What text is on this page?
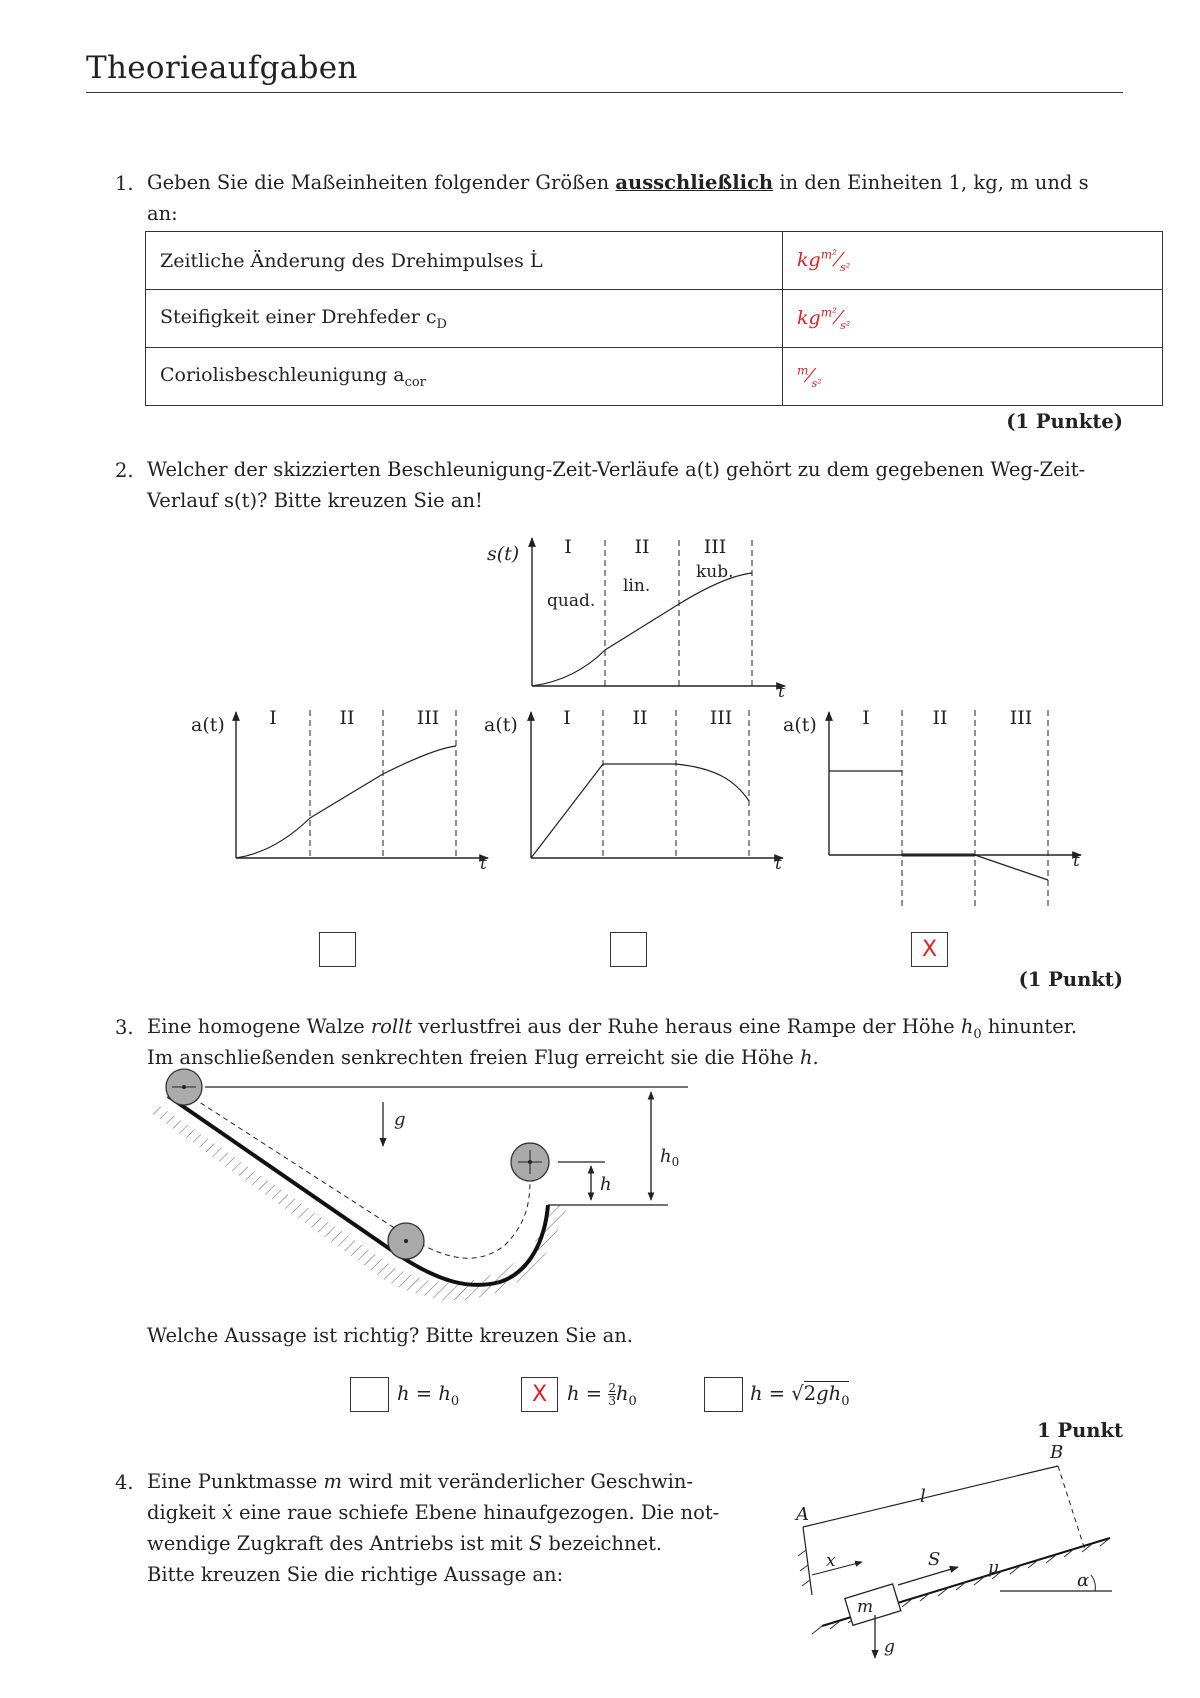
Theorieaufgaben
1. Geben Sie die Maßeinheiten folgender Größen ausschließlich in den Einheiten 1, kg, m und s
an:
Zeitliche Änderung des Drehimpulses L̇	$kg^{m^2}⁄_{s^2}$
Steifigkeit einer Drehfeder $c_D$	$kg^{m^2}⁄_{s^2}$
Coriolisbeschleunigung $a_{cor}$	$^m⁄_{s^2}$
(1 Punkte)
2. Welcher der skizzierten Beschleunigung-Zeit-Verläufe a(t) gehört zu dem gegebenen Weg-Zeit-
Verlauf s(t)? Bitte kreuzen Sie an!
s(t)
t
I	II	III
quad.
lin.
kub.
a(t)
t
I	II	III a(t)
t
I	II	III	a(t)
t
I	II	III
X
(1 Punkt)
3. Eine homogene Walze rollt verlustfrei aus der Ruhe heraus eine Rampe der Höhe $h_0$ hinunter.
Im anschließenden senkrechten freien Flug erreicht sie die Höhe h.
g
h
$h_0$
Welche Aussage ist richtig? Bitte kreuzen Sie an.
$h = h_0$	X	$h = \frac{2}{3} h_0$	$h = √2gh_0$
1 Punkt
4. Eine Punktmasse m wird mit veränderlicher Geschwin-
digkeit ẋ eine raue schiefe Ebene hinaufgezogen. Die not-
wendige Zugkraft des Antriebs ist mit S bezeichnet.
Bitte kreuzen Sie die richtige Aussage an:	α
B
A
l
x
m
S	μ
g
